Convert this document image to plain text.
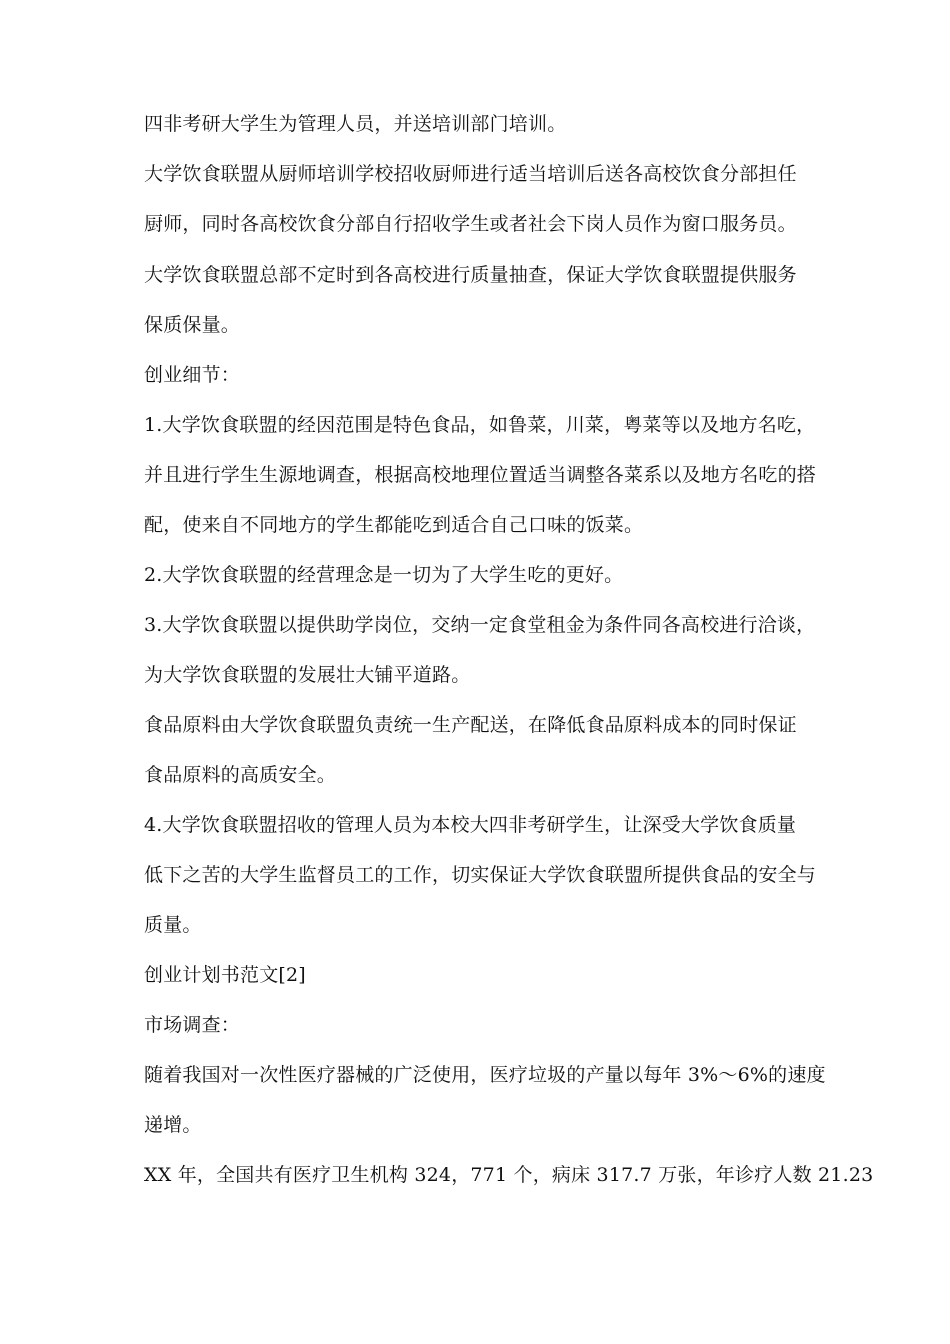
四非考研大学生为管理人员，并送培训部门培训。
大学饮食联盟从厨师培训学校招收厨师进行适当培训后送各高校饮食分部担任
厨师，同时各高校饮食分部自行招收学生或者社会下岗人员作为窗口服务员。
大学饮食联盟总部不定时到各高校进行质量抽查，保证大学饮食联盟提供服务
保质保量。
创业细节：
1.大学饮食联盟的经因范围是特色食品，如鲁菜，川菜，粤菜等以及地方名吃，
并且进行学生生源地调查，根据高校地理位置适当调整各菜系以及地方名吃的搭
配，使来自不同地方的学生都能吃到适合自己口味的饭菜。
2.大学饮食联盟的经营理念是一切为了大学生吃的更好。
3.大学饮食联盟以提供助学岗位，交纳一定食堂租金为条件同各高校进行洽谈，
为大学饮食联盟的发展壮大铺平道路。
食品原料由大学饮食联盟负责统一生产配送，在降低食品原料成本的同时保证
食品原料的高质安全。
4.大学饮食联盟招收的管理人员为本校大四非考研学生，让深受大学饮食质量
低下之苦的大学生监督员工的工作，切实保证大学饮食联盟所提供食品的安全与
质量。
创业计划书范文[2]
市场调查：
随着我国对一次性医疗器械的广泛使用，医疗垃圾的产量以每年 3%～6%的速度
递增。
XX 年，全国共有医疗卫生机构 324，771 个，病床 317.7 万张，年诊疗人数 21.23
